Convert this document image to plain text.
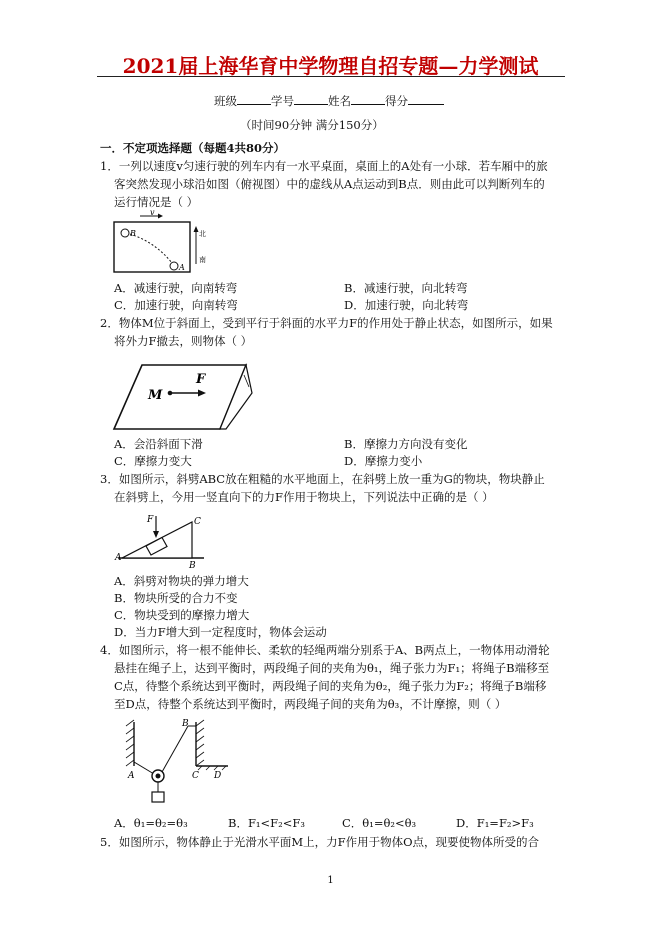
2021届上海华育中学物理自招专题—力学测试
班级	学号	姓名	得分
（时间90分钟 满分150分）
一．不定项选择题（每题4共80分）
1．一列以速度v匀速行驶的列车内有一水平桌面，桌面上的A处有一小球．若车厢中的旅
客突然发现小球沿如图（俯视图）中的虚线从A点运动到B点．则由此可以判断列车的
运行情况是（ ）
v
B
A
北
南
A．减速行驶，向南转弯	B．减速行驶，向北转弯
C．加速行驶，向南转弯	D．加速行驶，向北转弯
2．物体M位于斜面上，受到平行于斜面的水平力F的作用处于静止状态，如图所示，如果
将外力F撤去，则物体（ ）
M
F
A．会沿斜面下滑	B．摩擦力方向没有变化
C．摩擦力变大	D．摩擦力变小
3．如图所示，斜劈ABC放在粗糙的水平地面上，在斜劈上放一重为G的物块，物块静止
在斜劈上，今用一竖直向下的力F作用于物块上，下列说法中正确的是（ ）
F	C
A
B
A．斜劈对物块的弹力增大
B．物块所受的合力不变
C．物块受到的摩擦力增大
D．当力F增大到一定程度时，物体会运动
4．如图所示，将一根不能伸长、柔软的轻绳两端分别系于A、B两点上，一物体用动滑轮
悬挂在绳子上，达到平衡时，两段绳子间的夹角为θ₁，绳子张力为F₁；将绳子B端移至
C点，待整个系统达到平衡时，两段绳子间的夹角为θ₂，绳子张力为F₂；将绳子B端移
至D点，待整个系统达到平衡时，两段绳子间的夹角为θ₃，不计摩擦，则（ ）
A
B
C D
A．θ₁=θ₂=θ₃	B．F₁<F₂<F₃	C．θ₁=θ₂<θ₃	D．F₁=F₂>F₃
5．如图所示，物体静止于光滑水平面M上，力F作用于物体O点，现要使物体所受的合
1
